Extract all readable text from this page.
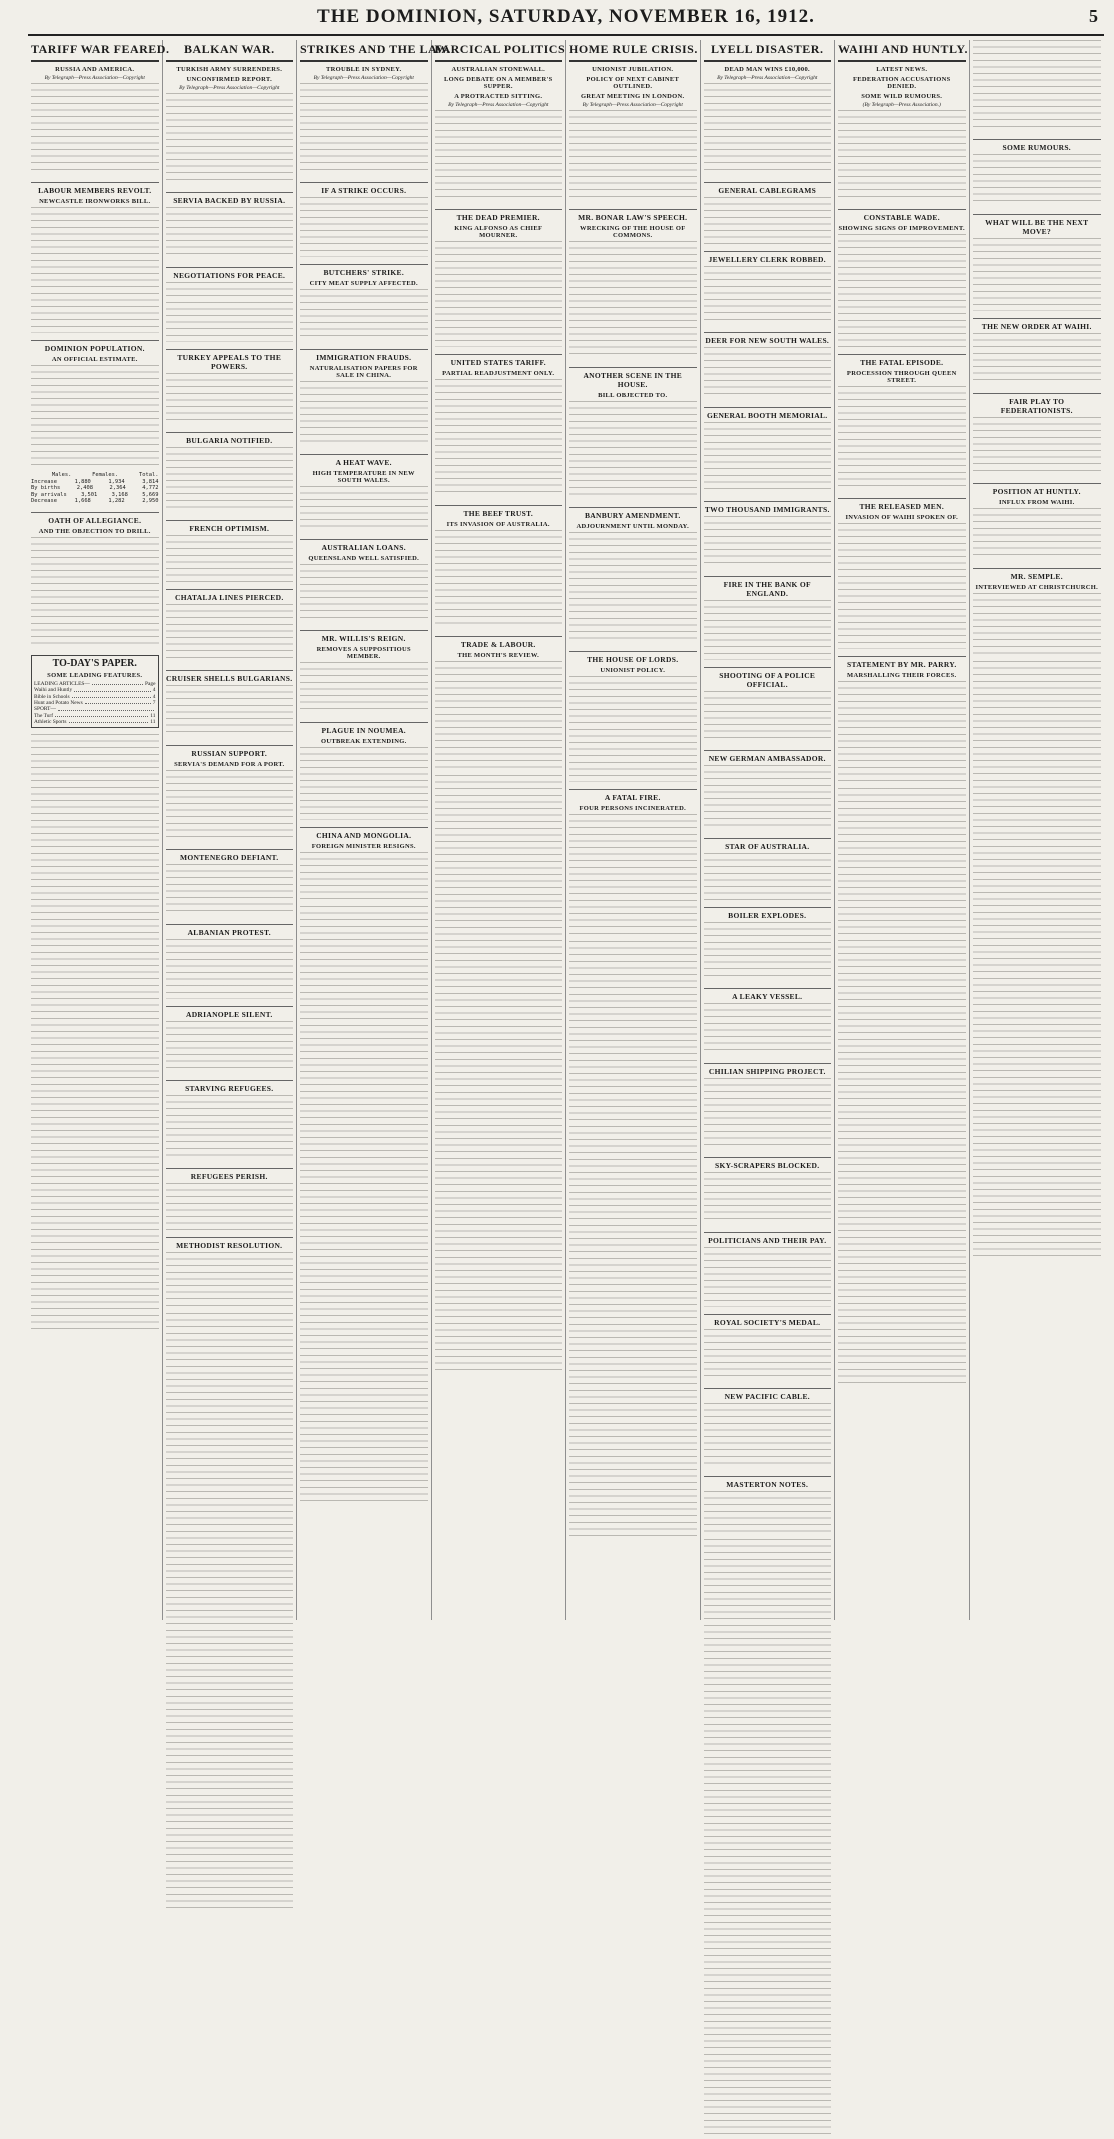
THE DOMINION, SATURDAY, NOVEMBER 16, 1912.	5
TARIFF WAR FEARED.
RUSSIA AND AMERICA.
By Telegraph—Press Association—Copyright
LABOUR MEMBERS REVOLT.
NEWCASTLE IRONWORKS BILL.
DOMINION POPULATION.
AN OFFICIAL ESTIMATE.
Males.	Females.	Total.
Increase	1,880	1,934	3,814
By births	2,408	2,364	4,772
By arrivals	3,501	3,168	5,669
Decrease	1,668	1,282	2,950
OATH OF ALLEGIANCE.
AND THE OBJECTION TO DRILL.
TO-DAY'S PAPER.
SOME LEADING FEATURES.
LEADING ARTICLES—	Page
Waihi and Huntly	4
Bible in Schools	4
Hunt and Potato News	7
SPORT—
The Turf	11
Athletic Sports	11
BALKAN WAR.
TURKISH ARMY SURRENDERS.
UNCONFIRMED REPORT.
By Telegraph—Press Association—Copyright
SERVIA BACKED BY RUSSIA.
NEGOTIATIONS FOR PEACE.
TURKEY APPEALS TO THE POWERS.
BULGARIA NOTIFIED.
FRENCH OPTIMISM.
CHATALJA LINES PIERCED.
CRUISER SHELLS BULGARIANS.
RUSSIAN SUPPORT.
SERVIA'S DEMAND FOR A PORT.
MONTENEGRO DEFIANT.
ALBANIAN PROTEST.
ADRIANOPLE SILENT.
STARVING REFUGEES.
REFUGEES PERISH.
METHODIST RESOLUTION.
STRIKES AND THE LAW.
TROUBLE IN SYDNEY.
By Telegraph—Press Association—Copyright
IF A STRIKE OCCURS.
BUTCHERS' STRIKE.
CITY MEAT SUPPLY AFFECTED.
IMMIGRATION FRAUDS.
NATURALISATION PAPERS FOR SALE IN CHINA.
A HEAT WAVE.
HIGH TEMPERATURE IN NEW SOUTH WALES.
AUSTRALIAN LOANS.
QUEENSLAND WELL SATISFIED.
MR. WILLIS'S REIGN.
REMOVES A SUPPOSITIOUS MEMBER.
PLAGUE IN NOUMEA.
OUTBREAK EXTENDING.
CHINA AND MONGOLIA.
FOREIGN MINISTER RESIGNS.
FARCICAL POLITICS
AUSTRALIAN STONEWALL.
LONG DEBATE ON A MEMBER'S SUPPER.
A PROTRACTED SITTING.
By Telegraph—Press Association—Copyright
THE DEAD PREMIER.
KING ALFONSO AS CHIEF MOURNER.
UNITED STATES TARIFF.
PARTIAL READJUSTMENT ONLY.
THE BEEF TRUST.
ITS INVASION OF AUSTRALIA.
TRADE & LABOUR.
THE MONTH'S REVIEW.
HOME RULE CRISIS.
UNIONIST JUBILATION.
POLICY OF NEXT CABINET OUTLINED.
GREAT MEETING IN LONDON.
By Telegraph—Press Association—Copyright
MR. BONAR LAW'S SPEECH.
WRECKING OF THE HOUSE OF COMMONS.
ANOTHER SCENE IN THE HOUSE.
BILL OBJECTED TO.
BANBURY AMENDMENT.
ADJOURNMENT UNTIL MONDAY.
THE HOUSE OF LORDS.
UNIONIST POLICY.
A FATAL FIRE.
FOUR PERSONS INCINERATED.
LYELL DISASTER.
DEAD MAN WINS £10,000.
By Telegraph—Press Association—Copyright
GENERAL CABLEGRAMS
JEWELLERY CLERK ROBBED.
DEER FOR NEW SOUTH WALES.
GENERAL BOOTH MEMORIAL.
TWO THOUSAND IMMIGRANTS.
FIRE IN THE BANK OF ENGLAND.
SHOOTING OF A POLICE OFFICIAL.
NEW GERMAN AMBASSADOR.
STAR OF AUSTRALIA.
BOILER EXPLODES.
A LEAKY VESSEL.
CHILIAN SHIPPING PROJECT.
SKY-SCRAPERS BLOCKED.
POLITICIANS AND THEIR PAY.
ROYAL SOCIETY'S MEDAL.
NEW PACIFIC CABLE.
MASTERTON NOTES.
WAIHI AND HUNTLY.
LATEST NEWS.
FEDERATION ACCUSATIONS DENIED.
SOME WILD RUMOURS.
(By Telegraph—Press Association.)
CONSTABLE WADE.
SHOWING SIGNS OF IMPROVEMENT.
THE FATAL EPISODE.
PROCESSION THROUGH QUEEN STREET.
THE RELEASED MEN.
INVASION OF WAIHI SPOKEN OF.
STATEMENT BY MR. PARRY.
MARSHALLING THEIR FORCES.
SOME RUMOURS.
WHAT WILL BE THE NEXT MOVE?
THE NEW ORDER AT WAIHI.
FAIR PLAY TO FEDERATIONISTS.
POSITION AT HUNTLY.
INFLUX FROM WAIHI.
MR. SEMPLE.
INTERVIEWED AT CHRISTCHURCH.
